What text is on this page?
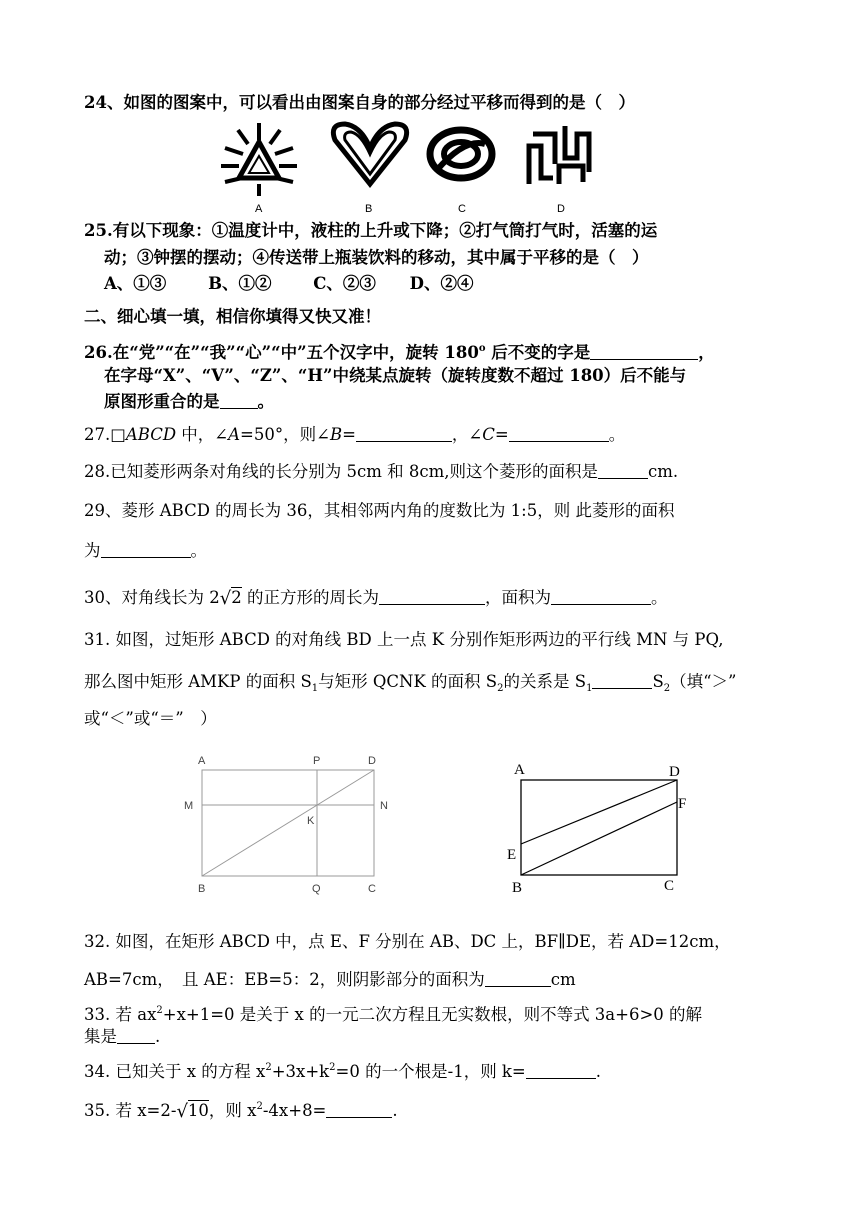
24、如图的图案中，可以看出由图案自身的部分经过平移而得到的是（　）
A	B	C	D
25.有以下现象：①温度计中，液柱的上升或下降；②打气筒打气时，活塞的运
动；③钟摆的摆动；④传送带上瓶装饮料的移动，其中属于平移的是（　）
A、①③	B、①②	C、②③ D、②④
二、细心填一填，相信你填得又快又准！
26.在“党”“在”“我”“心”“中”五个汉字中，旋转 180$^o$ 后不变的字是	，
在字母“X”、“V”、“Z”、“H”中绕某点旋转（旋转度数不超过 180）后不能与
原图形重合的是 。
27.□ABCD 中，∠A=50°，则∠B=	，∠C=	。
28.已知菱形两条对角线的长分别为 5cm 和 8cm,则这个菱形的面积是	cm.
29、菱形 ABCD 的周长为 36，其相邻两内角的度数比为 1:5，则 此菱形的面积
为	。
30、对角线长为 2√2 的正方形的周长为	，面积为	。
31. 如图，过矩形 ABCD 的对角线 BD 上一点 K 分别作矩形两边的平行线 MN 与 PQ,
那么图中矩形 AMKP 的面积 $S_1$与矩形 QCNK 的面积 $S_2$的关系是 $S_1$	$S_2$（填“＞”
或“＜”或“＝”　）
A	P	D
M
K
N
B	Q	C
A	D
F
E
B	C
32. 如图，在矩形 ABCD 中，点 E、F 分别在 AB、DC 上，BF∥DE，若 AD=12cm，
AB=7cm，　且 AE：EB=5：2，则阴影部分的面积为	cm
33. 若 $ax^2+x+1=0$ 是关于 x 的一元二次方程且无实数根，则不等式 3a+6>0 的解
集是 .
34. 已知关于 x 的方程 $x^2+3x+k^2=0$ 的一个根是-1，则 k=	.
35. 若 x=2-√10，则 $x^2-4x+8=$	.
